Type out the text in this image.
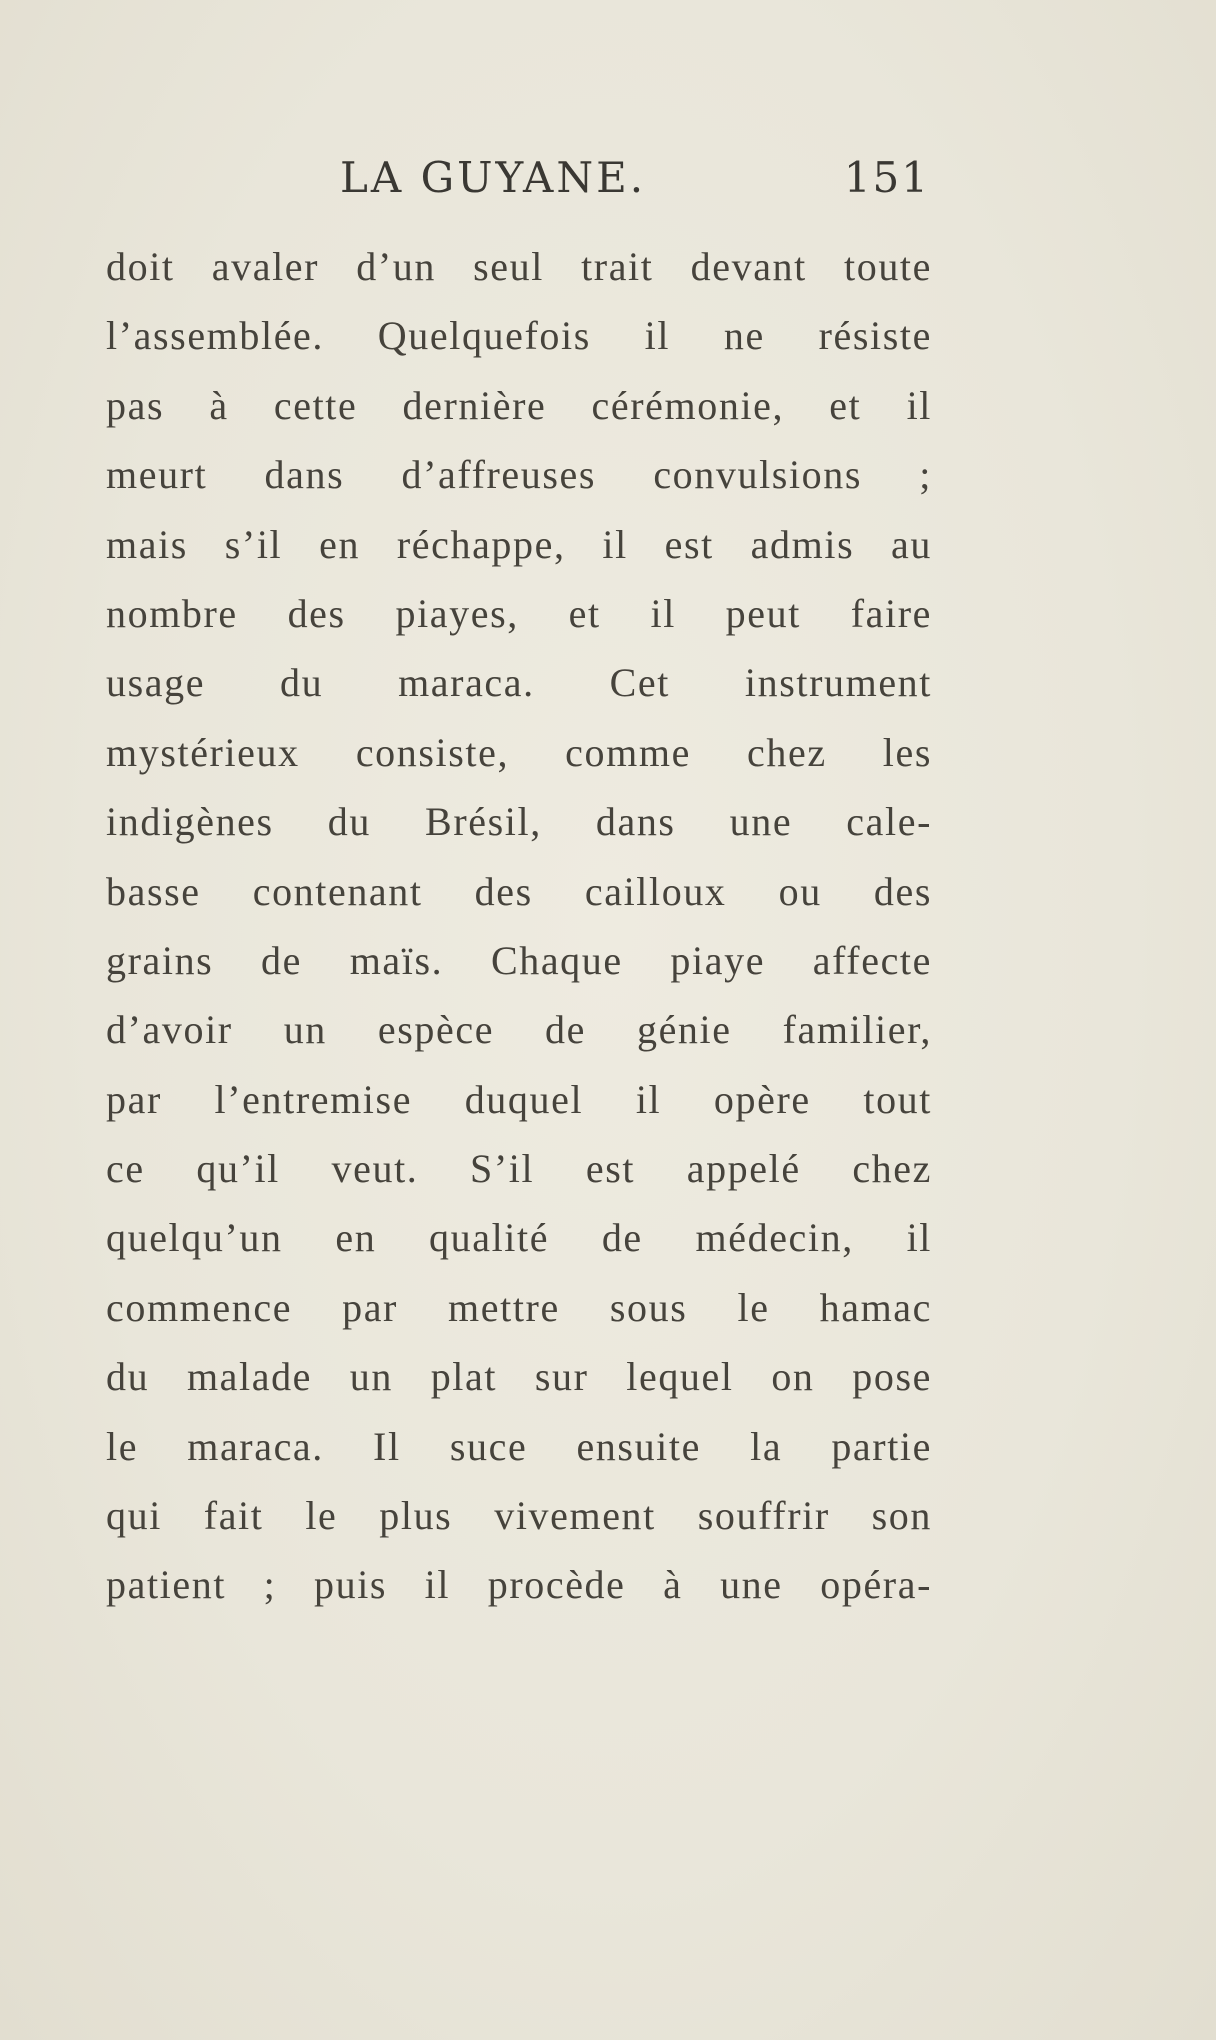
LA GUYANE.	151
doit avaler d’un seul trait devant toute
l’assemblée. Quelquefois il ne résiste
pas à cette dernière cérémonie, et il
meurt dans d’affreuses convulsions ;
mais s’il en réchappe, il est admis au
nombre des piayes, et il peut faire
usage du maraca. Cet instrument
mystérieux consiste, comme chez les
indigènes du Brésil, dans une cale-
basse contenant des cailloux ou des
grains de maïs. Chaque piaye affecte
d’avoir un espèce de génie familier,
par l’entremise duquel il opère tout
ce qu’il veut. S’il est appelé chez
quelqu’un en qualité de médecin, il
commence par mettre sous le hamac
du malade un plat sur lequel on pose
le maraca. Il suce ensuite la partie
qui fait le plus vivement souffrir son
patient ; puis il procède à une opéra-
